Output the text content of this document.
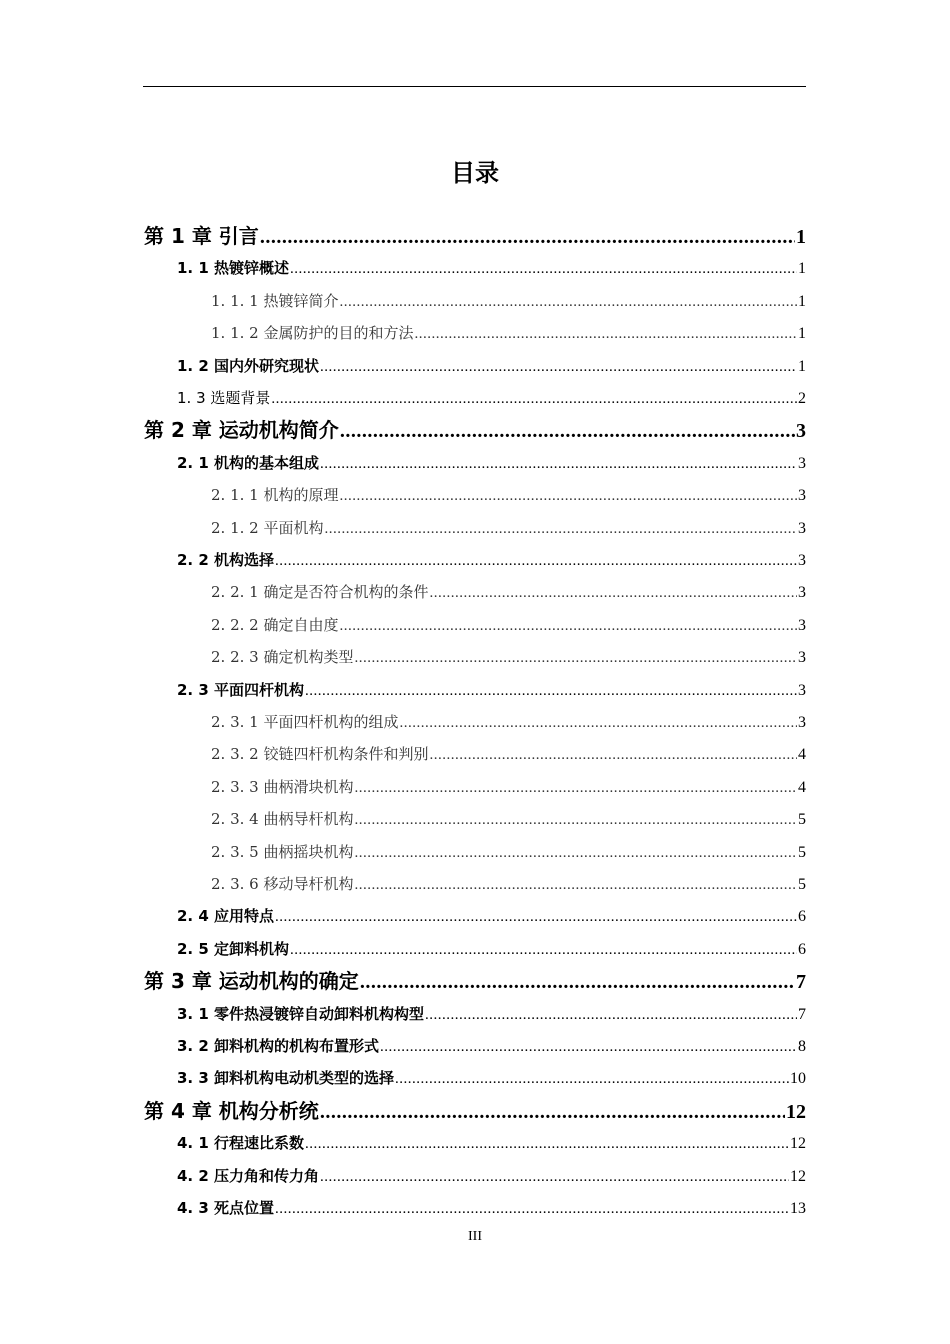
目录
第 1 章 引言 .....	1
1. 1 热镀锌概述 .....	1
1. 1. 1 热镀锌简介 .....	1
1. 1. 2 金属防护的目的和方法 .....	1
1. 2 国内外研究现状 .....	1
1. 3 选题背景 .....	2
第 2 章 运动机构简介 .....	3
2. 1 机构的基本组成 .....	3
2. 1. 1 机构的原理 .....	3
2. 1. 2 平面机构 .....	3
2. 2 机构选择 .....	3
2. 2. 1 确定是否符合机构的条件 .....	3
2. 2. 2 确定自由度 .....	3
2. 2. 3 确定机构类型 .....	3
2. 3 平面四杆机构 .....	3
2. 3. 1 平面四杆机构的组成 .....	3
2. 3. 2 铰链四杆机构条件和判别 .....	4
2. 3. 3 曲柄滑块机构 .....	4
2. 3. 4 曲柄导杆机构 .....	5
2. 3. 5 曲柄摇块机构 .....	5
2. 3. 6 移动导杆机构 .....	5
2. 4 应用特点 .....	6
2. 5 定卸料机构 .....	6
第 3 章 运动机构的确定 .....	7
3. 1 零件热浸镀锌自动卸料机构构型 .....	7
3. 2 卸料机构的机构布置形式 .....	8
3. 3 卸料机构电动机类型的选择 .....	10
第 4 章 机构分析统 .....	12
4. 1 行程速比系数 .....	12
4. 2 压力角和传力角 .....	12
4. 3 死点位置 .....	13
III
